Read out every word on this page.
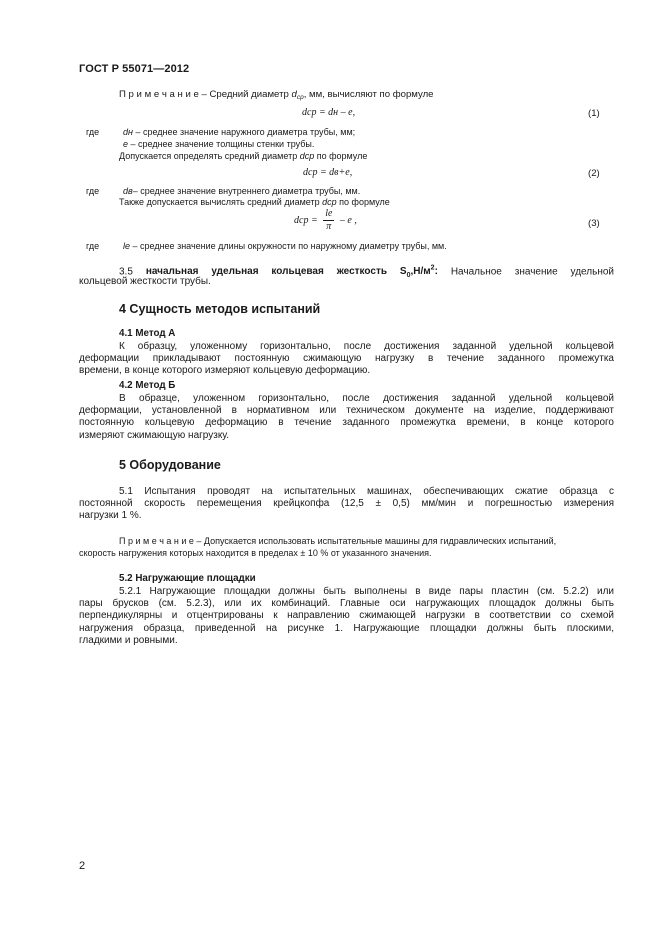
ГОСТ Р 55071—2012
П р и м е ч а н и е – Средний диаметр $d_{ср}$, мм, вычисляют по формуле
dср = dн – e,	(1)
где	dн – среднее значение наружного диаметра трубы, мм;
e – среднее значение толщины стенки трубы.
Допускается определять средний диаметр dср по формуле
dср = dв+e,	(2)
где	dв– среднее значение внутреннего диаметра трубы, мм.
Также допускается вычислять средний диаметр dср по формуле
dср = $\frac{lе}{\pi}$ – e ,	(3)
где	lе – среднее значение длины окружности по наружному диаметру трубы, мм.
3.5 начальная удельная кольцевая жесткость $S_0,Н/м^2$: Начальное значение удельной
кольцевой жесткости трубы.
4 Сущность методов испытаний
4.1 Метод А
К образцу, уложенному горизонтально, после достижения заданной удельной кольцевой
деформации прикладывают постоянную сжимающую нагрузку в течение заданного промежутка
времени, в конце которого измеряют кольцевую деформацию.
4.2 Метод Б
В образце, уложенном горизонтально, после достижения заданной удельной кольцевой
деформации, установленной в нормативном или техническом документе на изделие, поддерживают
постоянную кольцевую деформацию в течение заданного промежутка времени, в конце которого
измеряют сжимающую нагрузку.
5 Оборудование
5.1 Испытания проводят на испытательных машинах, обеспечивающих сжатие образца с
постоянной скорость перемещения крейцкопфа (12,5 ± 0,5) мм/мин и погрешностью измерения
нагрузки 1 %.
П р и м е ч а н и е – Допускается использовать испытательные машины для гидравлических испытаний,
скорость нагружения которых находится в пределах ± 10 % от указанного значения.
5.2 Нагружающие площадки
5.2.1 Нагружающие площадки должны быть выполнены в виде пары пластин (см. 5.2.2) или
пары брусков (см. 5.2.3), или их комбинаций. Главные оси нагружающих площадок должны быть
перпендикулярны и отцентрированы к направлению сжимающей нагрузки в соответствии со схемой
нагружения образца, приведенной на рисунке 1. Нагружающие площадки должны быть плоскими,
гладкими и ровными.
2
